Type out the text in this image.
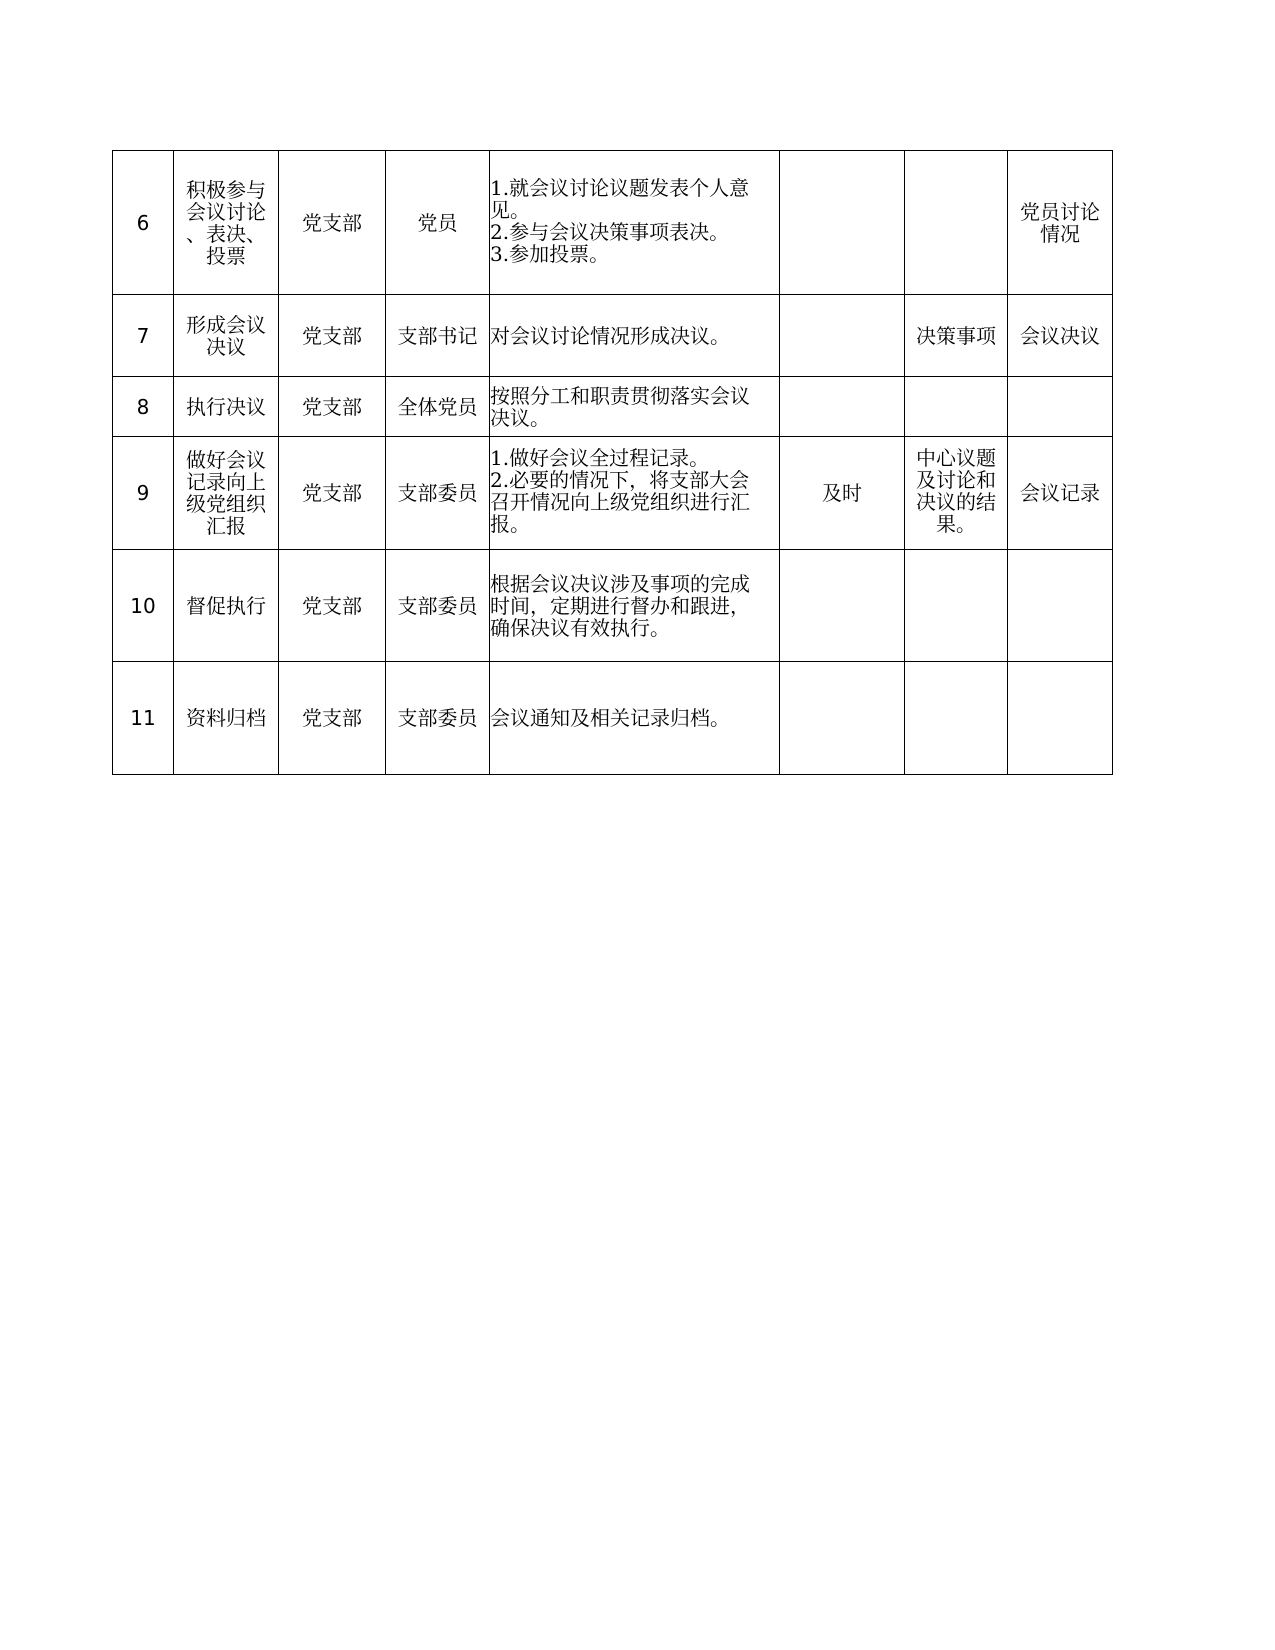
6	积极参与
会议讨论
、表决、
投票	党支部	党员	1.就会议讨论议题发表个人意
见。
2.参与会议决策事项表决。
3.参加投票。			党员讨论
情况
7	形成会议
决议	党支部	支部书记	对会议讨论情况形成决议。		决策事项	会议决议
8	执行决议	党支部	全体党员	按照分工和职责贯彻落实会议
决议。			
9	做好会议
记录向上
级党组织
汇报	党支部	支部委员	1.做好会议全过程记录。
2.必要的情况下，将支部大会
召开情况向上级党组织进行汇
报。	及时	中心议题
及讨论和
决议的结
果。	会议记录
10	督促执行	党支部	支部委员	根据会议决议涉及事项的完成
时间，定期进行督办和跟进，
确保决议有效执行。			
11	资料归档	党支部	支部委员	会议通知及相关记录归档。			
